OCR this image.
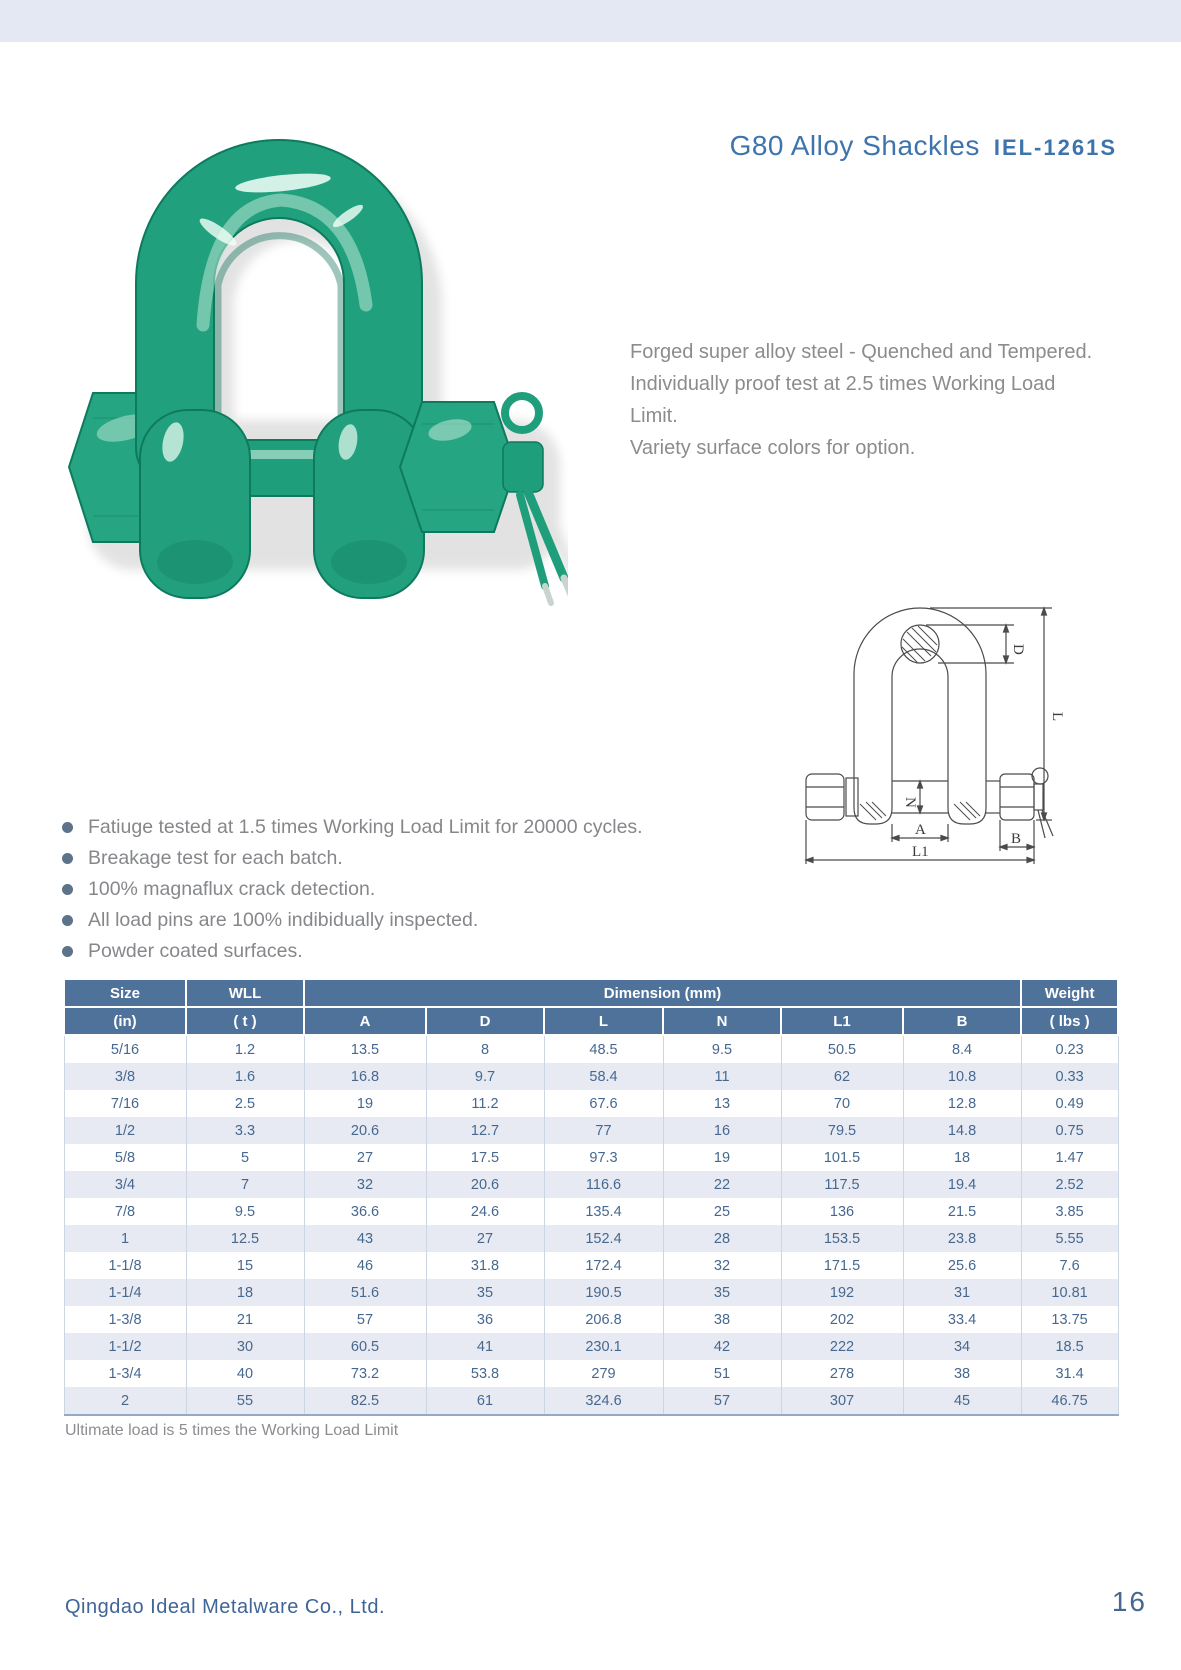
G80 Alloy Shackles IEL-1261S
Forged super alloy steel - Quenched and Tempered.
Individually proof test at 2.5 times Working Load Limit.
Variety surface colors for option.
D
L
N
A
B
L1
Fatiuge tested at 1.5 times Working Load Limit for 20000 cycles.
Breakage test for each batch.
100% magnaflux crack detection.
All load pins are 100% indibidually inspected.
Powder coated surfaces.
Size	WLL	Dimension (mm)						Weight
(in)	( t )	A	D	L	N	L1	B	( lbs )
5/16	1.2	13.5	8	48.5	9.5	50.5	8.4	0.23
3/8	1.6	16.8	9.7	58.4	11	62	10.8	0.33
7/16	2.5	19	11.2	67.6	13	70	12.8	0.49
1/2	3.3	20.6	12.7	77	16	79.5	14.8	0.75
5/8	5	27	17.5	97.3	19	101.5	18	1.47
3/4	7	32	20.6	116.6	22	117.5	19.4	2.52
7/8	9.5	36.6	24.6	135.4	25	136	21.5	3.85
1	12.5	43	27	152.4	28	153.5	23.8	5.55
1-1/8	15	46	31.8	172.4	32	171.5	25.6	7.6
1-1/4	18	51.6	35	190.5	35	192	31	10.81
1-3/8	21	57	36	206.8	38	202	33.4	13.75
1-1/2	30	60.5	41	230.1	42	222	34	18.5
1-3/4	40	73.2	53.8	279	51	278	38	31.4
2	55	82.5	61	324.6	57	307	45	46.75
Ultimate load is 5 times the Working Load Limit
Qingdao Ideal Metalware Co., Ltd.	16
